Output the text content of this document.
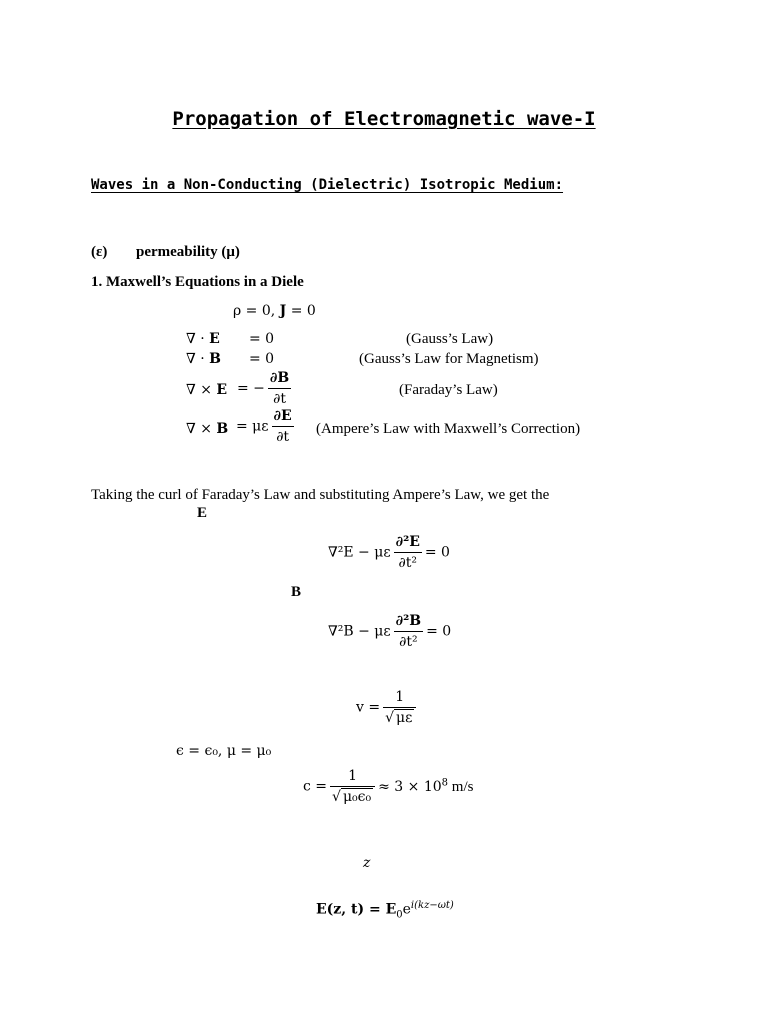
Propagation of Electromagnetic wave-I
Waves in a Non-Conducting (Dielectric) Isotropic Medium:
(ε) permeability (μ)
1. Maxwell’s Equations in a Diele
ρ = 0, J = 0
∇ · E = 0	(Gauss’s Law)
∇ · B = 0	(Gauss’s Law for Magnetism)
∇ × E = − $\frac{\partial B}{\partial t}$	(Faraday’s Law)
∇ × B = με $\frac{\partial E}{\partial t}$ (Ampere’s Law with Maxwell’s Correction)
Taking the curl of Faraday’s Law and substituting Ampere’s Law, we get the
E
∇²E − με $\frac{\text{∂²E}}{\text{∂t²}} = 0$
B
∇²B − με $\frac{\text{∂²B}}{\text{∂t²}} = 0$
$v = \frac{1}{√ \mu\varepsilon}$
ϵ = ϵ₀, μ = μ₀
$c = \frac{1}{\text{√ μ₀ϵ₀}} \approx 3 \times 10^8$ m/s
z
E(z, $t) = E_0e^{i(kz-\omega t)}$
